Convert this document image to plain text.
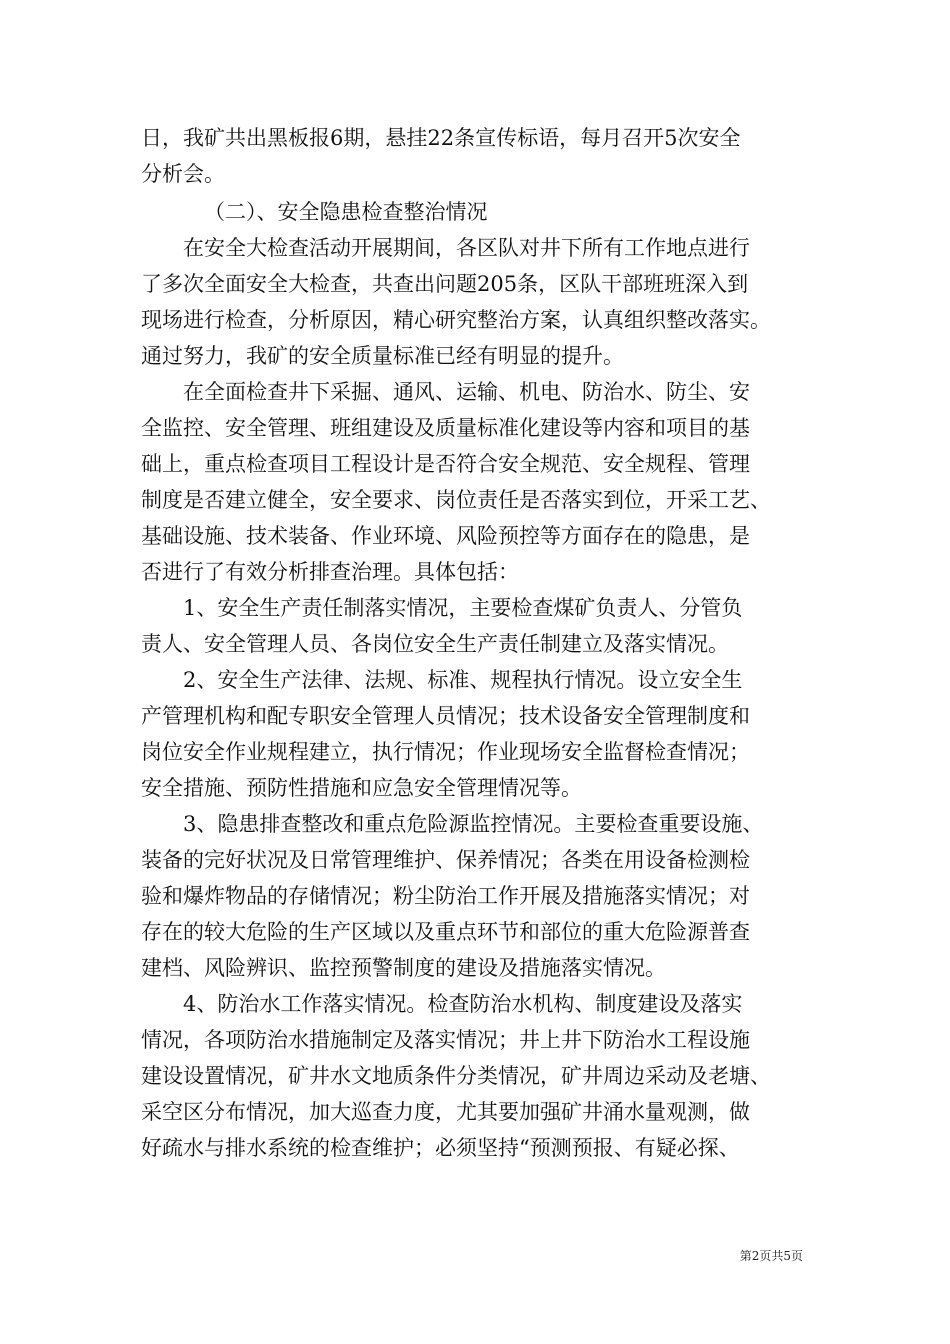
日，我矿共出黑板报6期，悬挂22条宣传标语，每月召开5次安全
分析会。
（二）、安全隐患检查整治情况
在安全大检查活动开展期间，各区队对井下所有工作地点进行
了多次全面安全大检查，共查出问题205条，区队干部班班深入到
现场进行检查，分析原因，精心研究整治方案，认真组织整改落实。
通过努力，我矿的安全质量标准已经有明显的提升。
在全面检查井下采掘、通风、运输、机电、防治水、防尘、安
全监控、安全管理、班组建设及质量标准化建设等内容和项目的基
础上，重点检查项目工程设计是否符合安全规范、安全规程、管理
制度是否建立健全，安全要求、岗位责任是否落实到位，开采工艺、
基础设施、技术装备、作业环境、风险预控等方面存在的隐患，是
否进行了有效分析排查治理。具体包括：
1、安全生产责任制落实情况，主要检查煤矿负责人、分管负
责人、安全管理人员、各岗位安全生产责任制建立及落实情况。
2、安全生产法律、法规、标准、规程执行情况。设立安全生
产管理机构和配专职安全管理人员情况；技术设备安全管理制度和
岗位安全作业规程建立，执行情况；作业现场安全监督检查情况；
安全措施、预防性措施和应急安全管理情况等。
3、隐患排查整改和重点危险源监控情况。主要检查重要设施、
装备的完好状况及日常管理维护、保养情况；各类在用设备检测检
验和爆炸物品的存储情况；粉尘防治工作开展及措施落实情况；对
存在的较大危险的生产区域以及重点环节和部位的重大危险源普查
建档、风险辨识、监控预警制度的建设及措施落实情况。
4、防治水工作落实情况。检查防治水机构、制度建设及落实
情况，各项防治水措施制定及落实情况；井上井下防治水工程设施
建设设置情况，矿井水文地质条件分类情况，矿井周边采动及老塘、
采空区分布情况，加大巡查力度，尤其要加强矿井涌水量观测，做
好疏水与排水系统的检查维护；必须坚持“预测预报、有疑必探、
第2页共5页
